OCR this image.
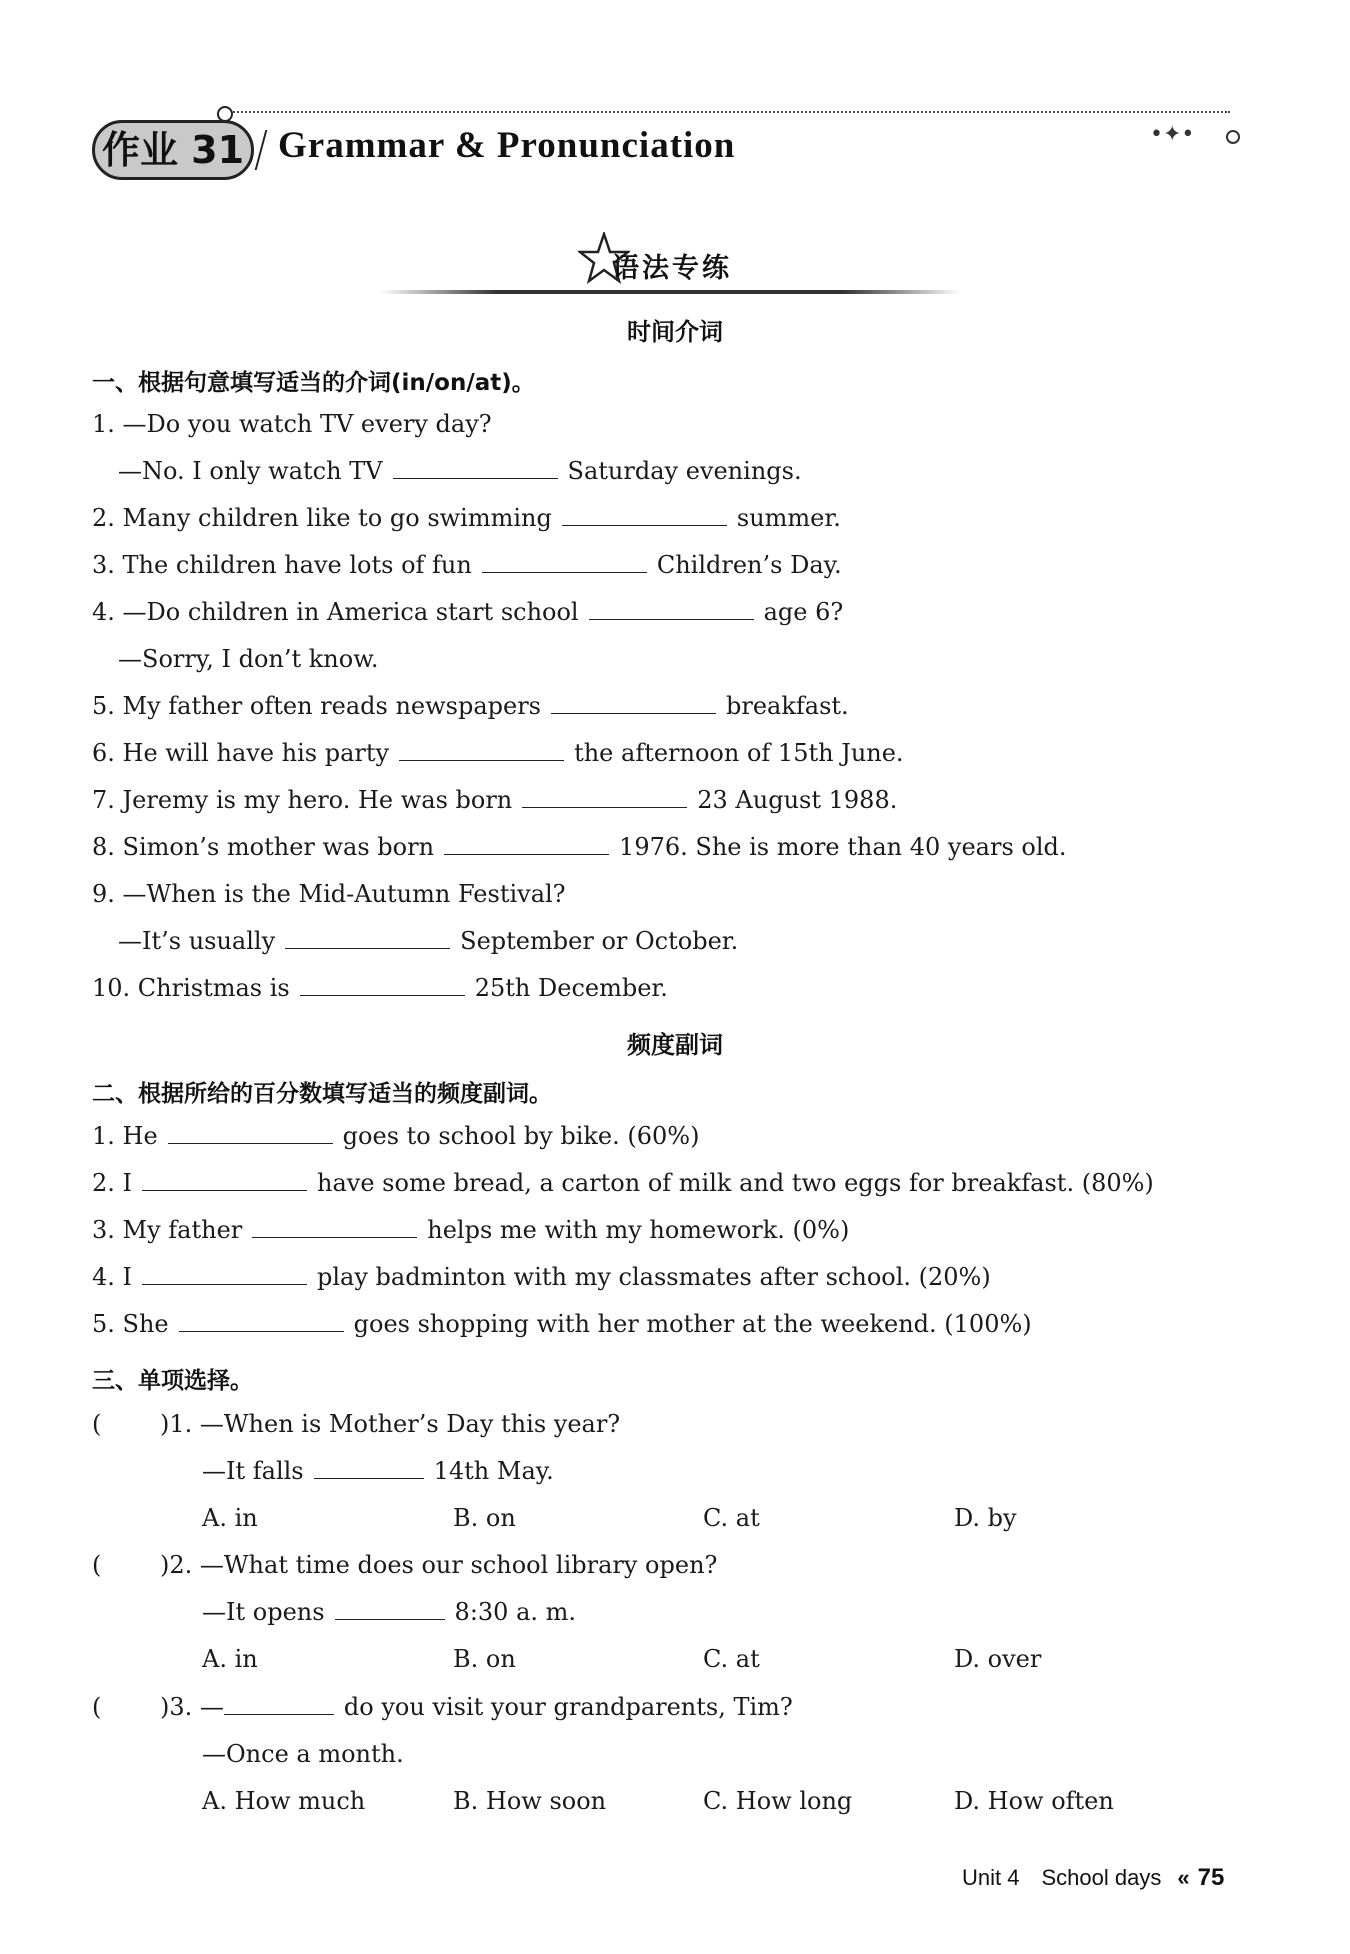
作业 31 Grammar & Pronunciation	•✦•
语法专练
时间介词
一、根据句意填写适当的介词(in/on/at)。
1. —Do you watch TV every day?
—No. I only watch TV	Saturday evenings.
2. Many children like to go swimming	summer.
3. The children have lots of fun	Children’s Day.
4. —Do children in America start school	age 6?
—Sorry, I don’t know.
5. My father often reads newspapers	breakfast.
6. He will have his party	the afternoon of 15th June.
7. Jeremy is my hero. He was born	23 August 1988.
8. Simon’s mother was born	1976. She is more than 40 years old.
9. —When is the Mid-Autumn Festival?
—It’s usually	September or October.
10. Christmas is	25th December.
频度副词
二、根据所给的百分数填写适当的频度副词。
1. He	goes to school by bike. (60%)
2. I	have some bread, a carton of milk and two eggs for breakfast. (80%)
3. My father	helps me with my homework. (0%)
4. I	play badminton with my classmates after school. (20%)
5. She	goes shopping with her mother at the weekend. (100%)
三、单项选择。
( )1. —When is Mother’s Day this year?
—It falls	14th May.
A. in	B. on	C. at	D. by
( )2. —What time does our school library open?
—It opens	8:30 a. m.
A. in	B. on	C. at	D. over
( )3. —	do you visit your grandparents, Tim?
—Once a month.
A. How much	B. How soon	C. How long	D. How often
Unit 4 School days « 75
